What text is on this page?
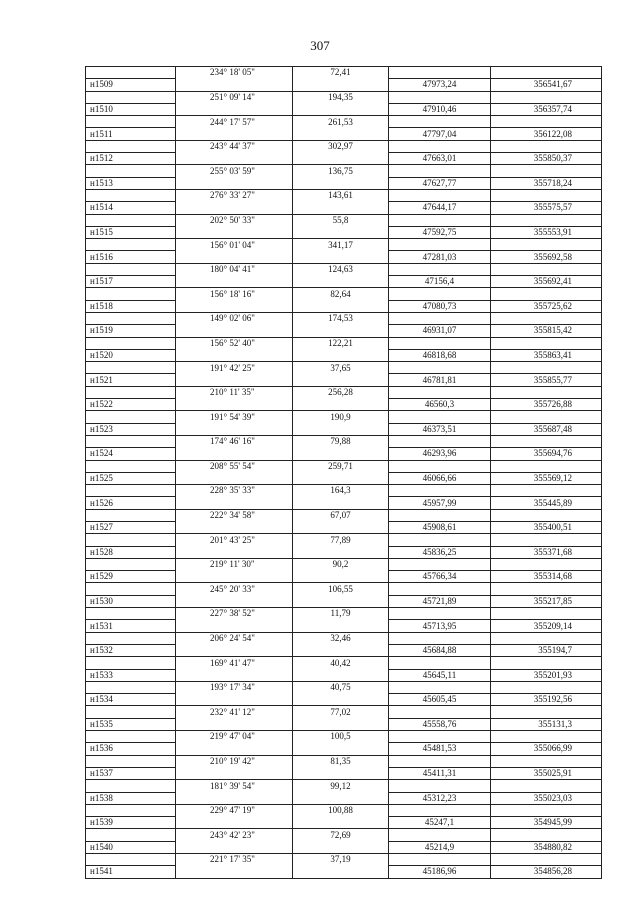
307
	234° 18' 05"	72,41		
н1509			47973,24	356541,67
	251° 09' 14"	194,35		
н1510			47910,46	356357,74
	244° 17' 57"	261,53		
н1511			47797,04	356122,08
	243° 44' 37"	302,97		
н1512			47663,01	355850,37
	255° 03' 59"	136,75		
н1513			47627,77	355718,24
	276° 33' 27"	143,61		
н1514			47644,17	355575,57
	202° 50' 33"	55,8		
н1515			47592,75	355553,91
	156° 01' 04"	341,17		
н1516			47281,03	355692,58
	180° 04' 41"	124,63		
н1517			47156,4	355692,41
	156° 18' 16"	82,64		
н1518			47080,73	355725,62
	149° 02' 06"	174,53		
н1519			46931,07	355815,42
	156° 52' 40"	122,21		
н1520			46818,68	355863,41
	191° 42' 25"	37,65		
н1521			46781,81	355855,77
	210° 11' 35"	256,28		
н1522			46560,3	355726,88
	191° 54' 39"	190,9		
н1523			46373,51	355687,48
	174° 46' 16"	79,88		
н1524			46293,96	355694,76
	208° 55' 54"	259,71		
н1525			46066,66	355569,12
	228° 35' 33"	164,3		
н1526			45957,99	355445,89
	222° 34' 58"	67,07		
н1527			45908,61	355400,51
	201° 43' 25"	77,89		
н1528			45836,25	355371,68
	219° 11' 30"	90,2		
н1529			45766,34	355314,68
	245° 20' 33"	106,55		
н1530			45721,89	355217,85
	227° 38' 52"	11,79		
н1531			45713,95	355209,14
	206° 24' 54"	32,46		
н1532			45684,88	355194,7
	169° 41' 47"	40,42		
н1533			45645,11	355201,93
	193° 17' 34"	40,75		
н1534			45605,45	355192,56
	232° 41' 12"	77,02		
н1535			45558,76	355131,3
	219° 47' 04"	100,5		
н1536			45481,53	355066,99
	210° 19' 42"	81,35		
н1537			45411,31	355025,91
	181° 39' 54"	99,12		
н1538			45312,23	355023,03
	229° 47' 19"	100,88		
н1539			45247,1	354945,99
	243° 42' 23"	72,69		
н1540			45214,9	354880,82
	221° 17' 35"	37,19		
н1541			45186,96	354856,28
